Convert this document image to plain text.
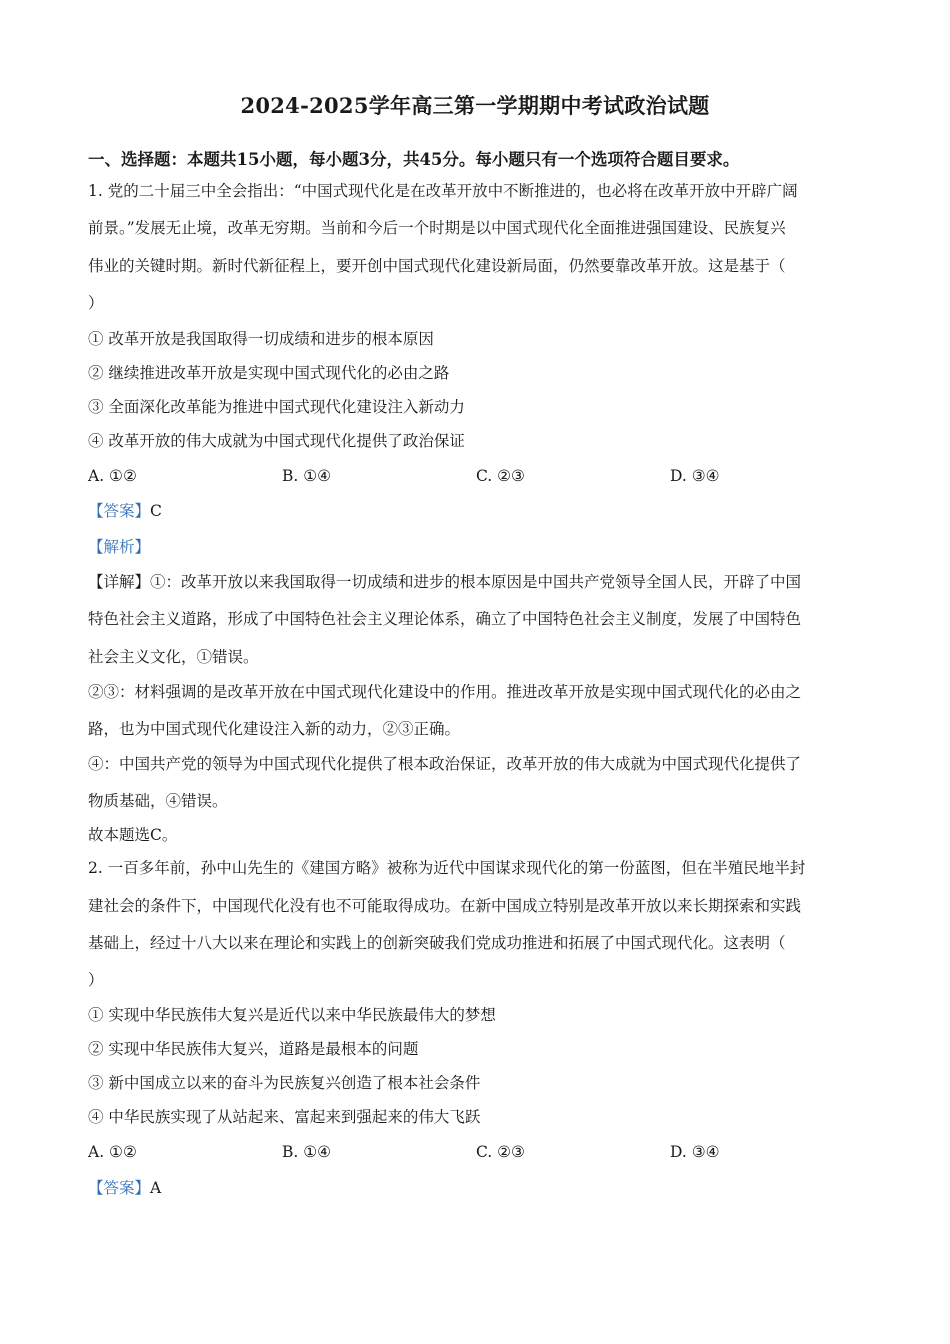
2024-2025学年高三第一学期期中考试政治试题
一、选择题：本题共15小题，每小题3分，共45分。每小题只有一个选项符合题目要求。
1. 党的二十届三中全会指出：“中国式现代化是在改革开放中不断推进的，也必将在改革开放中开辟广阔
前景。”发展无止境，改革无穷期。当前和今后一个时期是以中国式现代化全面推进强国建设、民族复兴
伟业的关键时期。新时代新征程上，要开创中国式现代化建设新局面，仍然要靠改革开放。这是基于（
）
① 改革开放是我国取得一切成绩和进步的根本原因
② 继续推进改革开放是实现中国式现代化的必由之路
③ 全面深化改革能为推进中国式现代化建设注入新动力
④ 改革开放的伟大成就为中国式现代化提供了政治保证
A. ①②	B. ①④	C. ②③	D. ③④
【答案】C
【解析】
【详解】①：改革开放以来我国取得一切成绩和进步的根本原因是中国共产党领导全国人民，开辟了中国
特色社会主义道路，形成了中国特色社会主义理论体系，确立了中国特色社会主义制度，发展了中国特色
社会主义文化，①错误。
②③：材料强调的是改革开放在中国式现代化建设中的作用。推进改革开放是实现中国式现代化的必由之
路，也为中国式现代化建设注入新的动力，②③正确。
④：中国共产党的领导为中国式现代化提供了根本政治保证，改革开放的伟大成就为中国式现代化提供了
物质基础，④错误。
故本题选C。
2. 一百多年前，孙中山先生的《建国方略》被称为近代中国谋求现代化的第一份蓝图，但在半殖民地半封
建社会的条件下，中国现代化没有也不可能取得成功。在新中国成立特别是改革开放以来长期探索和实践
基础上，经过十八大以来在理论和实践上的创新突破我们党成功推进和拓展了中国式现代化。这表明（
）
① 实现中华民族伟大复兴是近代以来中华民族最伟大的梦想
② 实现中华民族伟大复兴，道路是最根本的问题
③ 新中国成立以来的奋斗为民族复兴创造了根本社会条件
④ 中华民族实现了从站起来、富起来到强起来的伟大飞跃
A. ①②	B. ①④	C. ②③	D. ③④
【答案】A
